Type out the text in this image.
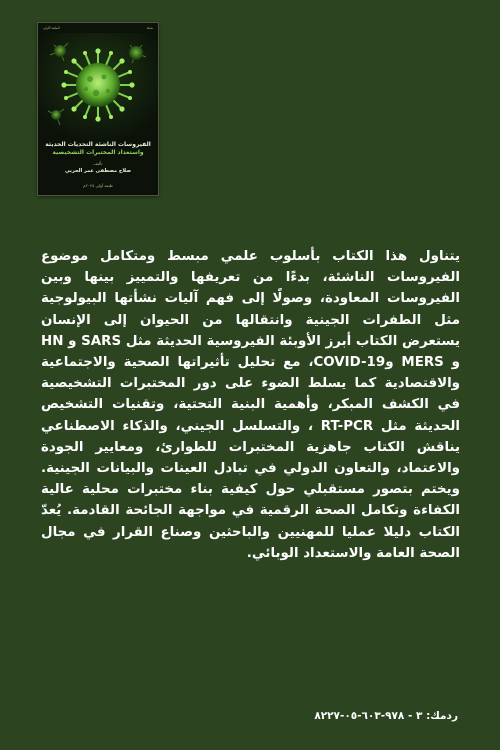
الطبعة الأولى	شبكة
الفيروسات الناشئة التحديات الحديثة
واستعداد المختبرات التشخيصية
تأليف
صلاح مصطفى عمر الحربي
طبعة أولى ٢٠٢٥م

يتناول هذا الكتاب بأسلوب علمي مبسط ومتكامل موضوع الفيروسات الناشئة، بدءًا من تعريفها والتمييز بينها وبين الفيروسات المعاودة، وصولًا إلى فهم آليات نشأتها البيولوجية مثل الطفرات الجينية وانتقالها من الحيوان إلى الإنسان يستعرض الكتاب أبرز الأوبئة الفيروسية الحديثة مثل SARS و HN و MERS وCOVID-19، مع تحليل تأثيراتها الصحية والاجتماعية والاقتصادية كما يسلط الضوء على دور المختبرات التشخيصية في الكشف المبكر، وأهمية البنية التحتية، وتقنيات التشخيص الحديثة مثل RT-PCR ، والتسلسل الجيني، والذكاء الاصطناعي يناقش الكتاب جاهزية المختبرات للطوارئ، ومعايير الجودة والاعتماد، والتعاون الدولي في تبادل العينات والبيانات الجينية. ويختم بتصور مستقبلي حول كيفية بناء مختبرات محلية عالية الكفاءة وتكامل الصحة الرقمية في مواجهة الجائحة القادمة. يُعدّ الكتاب دليلا عمليا للمهنيين والباحثين وصناع القرار في مجال الصحة العامة والاستعداد الوبائي.

ردمك: ٣ - ٩٧٨-٦٠٣-٠٥-٨٢٢٧
